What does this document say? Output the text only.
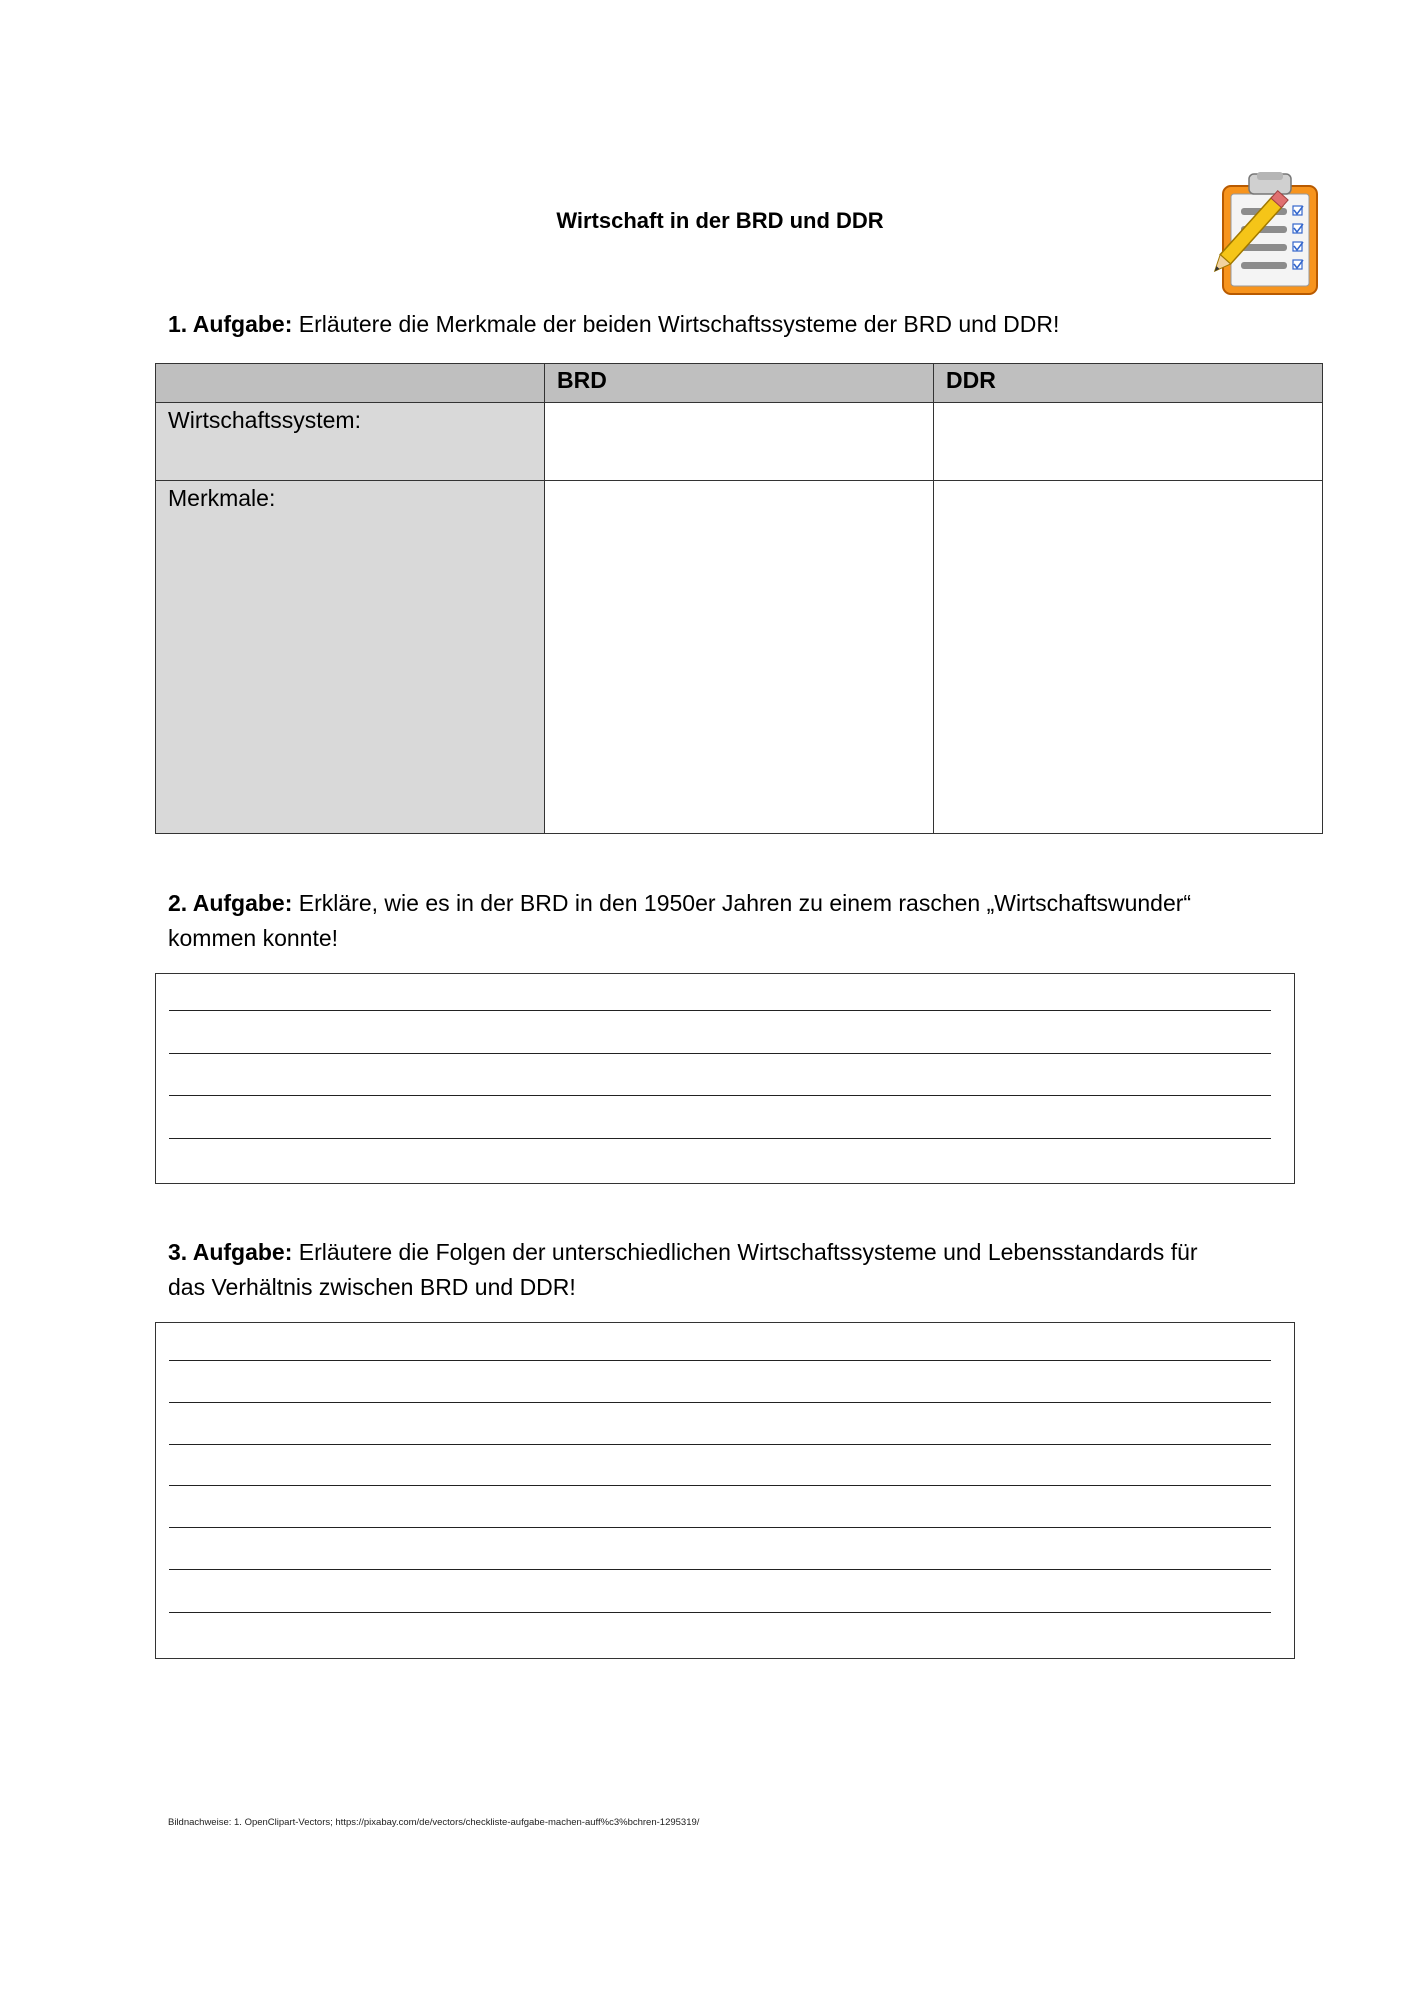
Wirtschaft in der BRD und DDR
1. Aufgabe: Erläutere die Merkmale der beiden Wirtschaftssysteme der BRD und DDR!
	BRD	DDR
Wirtschaftssystem:		
Merkmale:		
2. Aufgabe: Erkläre, wie es in der BRD in den 1950er Jahren zu einem raschen „Wirtschaftswunder“
kommen konnte!
3. Aufgabe: Erläutere die Folgen der unterschiedlichen Wirtschaftssysteme und Lebensstandards für
das Verhältnis zwischen BRD und DDR!
Bildnachweise: 1. OpenClipart-Vectors; https://pixabay.com/de/vectors/checkliste-aufgabe-machen-auff%c3%bchren-1295319/
